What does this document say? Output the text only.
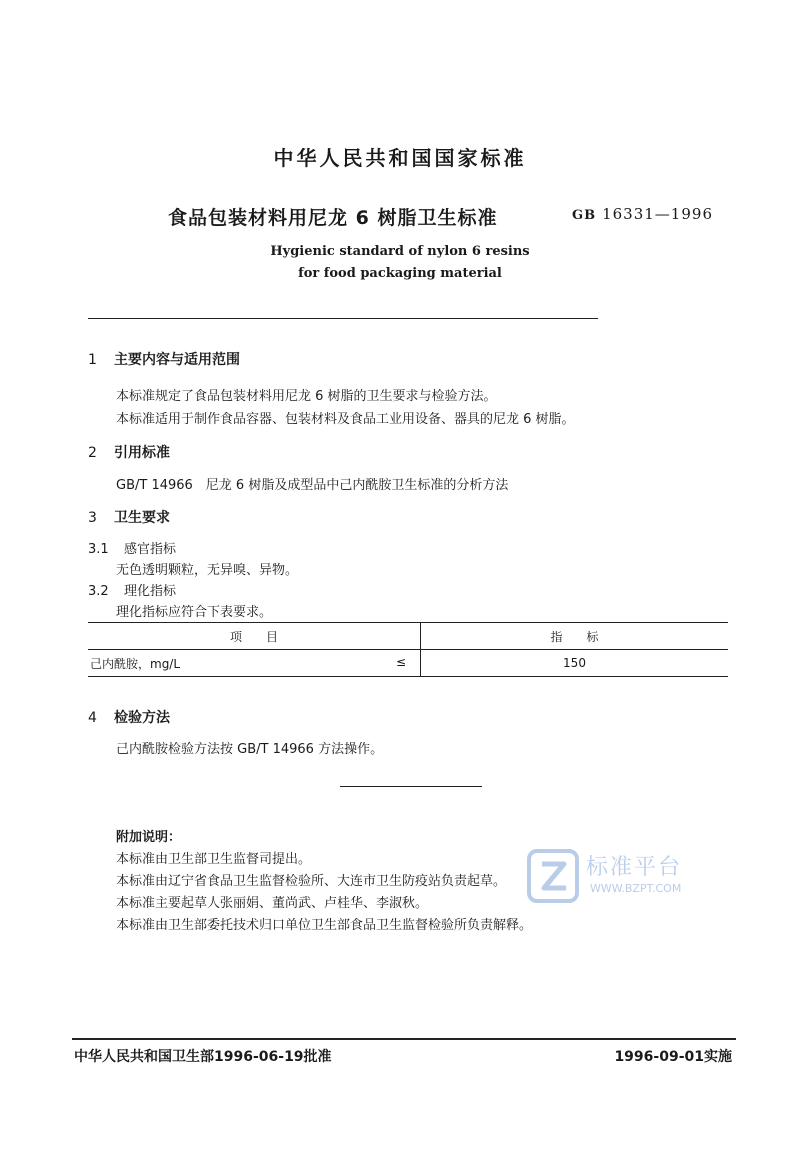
中华人民共和国国家标准
食品包装材料用尼龙 6 树脂卫生标准	GB 16331—1996
Hygienic standard of nylon 6 resins
for food packaging material
1 主要内容与适用范围
本标准规定了食品包装材料用尼龙 6 树脂的卫生要求与检验方法。
本标准适用于制作食品容器、包装材料及食品工业用设备、器具的尼龙 6 树脂。
2 引用标准
GB/T 14966　尼龙 6 树脂及成型品中己内酰胺卫生标准的分析方法
3 卫生要求
3.1 感官指标
无色透明颗粒，无异嗅、异物。
3.2 理化指标
理化指标应符合下表要求。
项　　目	指　　标
己内酰胺，mg/L ≤	150
4 检验方法
己内酰胺检验方法按 GB/T 14966 方法操作。
附加说明：
本标准由卫生部卫生监督司提出。
本标准由辽宁省食品卫生监督检验所、大连市卫生防疫站负责起草。
本标准主要起草人张丽娟、董尚武、卢桂华、李淑秋。
本标准由卫生部委托技术归口单位卫生部食品卫生监督检验所负责解释。
标准平台
WWW.BZPT.COM
中华人民共和国卫生部1996-06-19批准	1996-09-01实施
